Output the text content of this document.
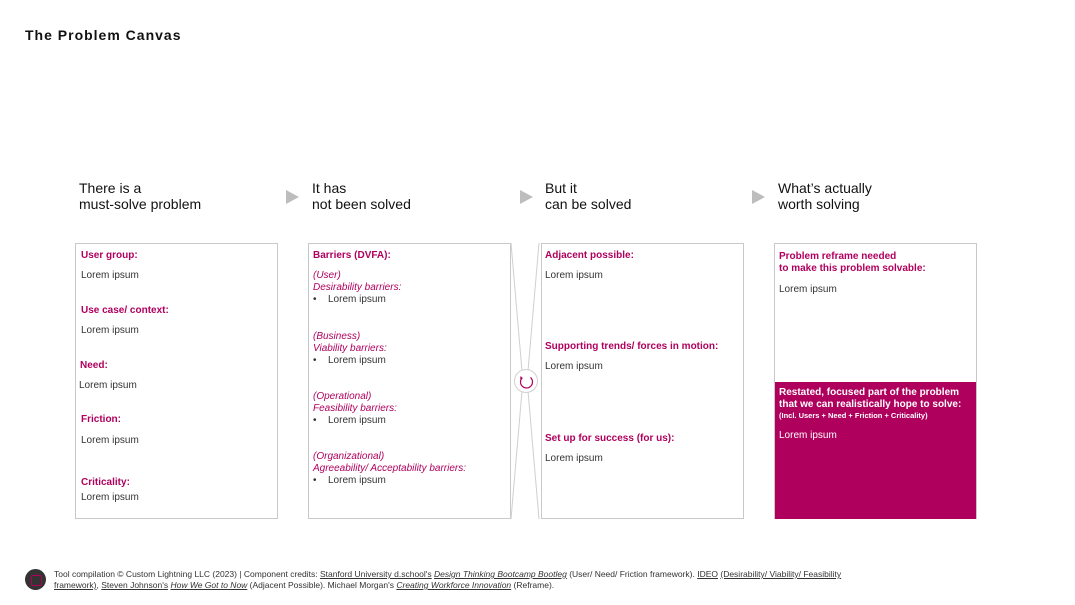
The Problem Canvas
There is a
must-solve problem
It has
not been solved
But it
can be solved
What’s actually
worth solving
User group:
Lorem ipsum
Use case/ context:
Lorem ipsum
Need:
Lorem ipsum
Friction:
Lorem ipsum
Criticality:
Lorem ipsum
Barriers (DVFA):
(User)
Desirability barriers:
• Lorem ipsum
(Business)
Viability barriers:
• Lorem ipsum
(Operational)
Feasibility barriers:
• Lorem ipsum
(Organizational)
Agreeability/ Acceptability barriers:
• Lorem ipsum
Adjacent possible:
Lorem ipsum
Supporting trends/ forces in motion:
Lorem ipsum
Set up for success (for us):
Lorem ipsum
Problem reframe needed
to make this problem solvable:
Lorem ipsum
Restated, focused part of the problem
that we can realistically hope to solve:
(Incl. Users + Need + Friction + Criticality)
Lorem ipsum
Tool compilation © Custom Lightning LLC (2023) | Component credits: Stanford University d.school's Design Thinking Bootcamp Bootleg (User/ Need/ Friction framework). IDEO (Desirability/ Viability/ Feasibility framework), Steven Johnson's How We Got to Now (Adjacent Possible). Michael Morgan's Creating Workforce Innovation (Reframe).
